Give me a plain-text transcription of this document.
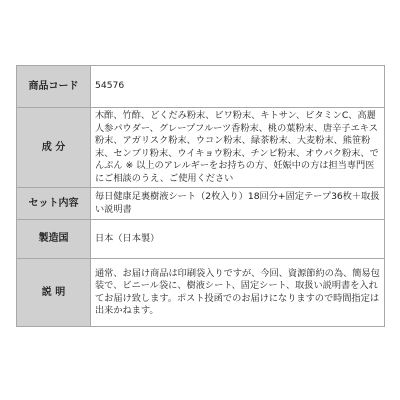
商品コード	54576
成 分	木酢、竹酢、どくだみ粉末、ビワ粉末、キトサン、ビタミンC、高麗人参パウダー、グレープフルーツ香粉末、桃の葉粉末、唐辛子エキス粉末、アガリスク粉末、ウコン粉末、緑茶粉末、大麦粉末、熊笹粉末、センブリ粉末、ウイキョウ粉末、チンピ粉末、オウバク粉末、でんぷん ※ 以上のアレルギーをお持ちの方、妊娠中の方は担当専門医にご相談のうえ、ご使用ください
セット内容	毎日健康足裏樹液シート（2枚入り）18回分+固定テープ36枚＋取扱い説明書
製造国	日本（日本製）
説 明	通常、お届け商品は印刷袋入りですが、今回、資源節約の為、簡易包装で、ビニール袋に、樹液シート、固定シート、取扱い説明書を入れてお届け致します。ポスト投函でのお届けになりますので時間指定は出来かねます。
